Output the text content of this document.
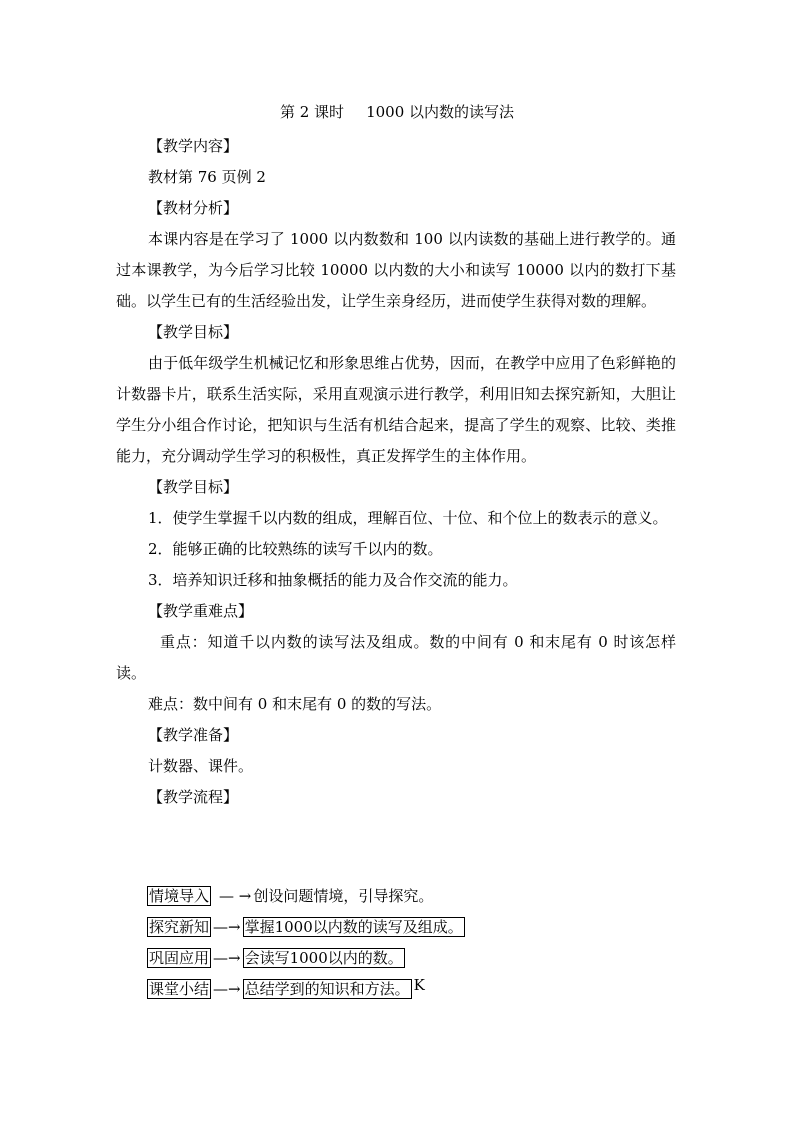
第 2 课时 1000 以内数的读写法

【教学内容】

教材第 76 页例 2

【教材分析】

本课内容是在学习了 1000 以内数数和 100 以内读数的基础上进行教学的。通过本课教学，为今后学习比较 10000 以内数的大小和读写 10000 以内的数打下基础。以学生已有的生活经验出发，让学生亲身经历，进而使学生获得对数的理解。

【教学目标】

由于低年级学生机械记忆和形象思维占优势，因而，在教学中应用了色彩鲜艳的计数器卡片，联系生活实际，采用直观演示进行教学，利用旧知去探究新知，大胆让学生分小组合作讨论，把知识与生活有机结合起来，提高了学生的观察、比较、类推能力，充分调动学生学习的积极性，真正发挥学生的主体作用。

【教学目标】

1．使学生掌握千以内数的组成，理解百位、十位、和个位上的数表示的意义。

2．能够正确的比较熟练的读写千以内的数。

3．培养知识迁移和抽象概括的能力及合作交流的能力。

【教学重难点】

重点：知道千以内数的读写法及组成。数的中间有 0 和末尾有 0 时该怎样读。

难点：数中间有 0 和末尾有 0 的数的写法。

【教学准备】

计数器、课件。

【教学流程】

情境导入 — → 创设问题情境，引导探究。
探究新知 —→ 掌握1000以内数的读写及组成。
巩固应用 —→ 会读写1000以内的数。
课堂小结 —→ 总结学到的知识和方法。 K
